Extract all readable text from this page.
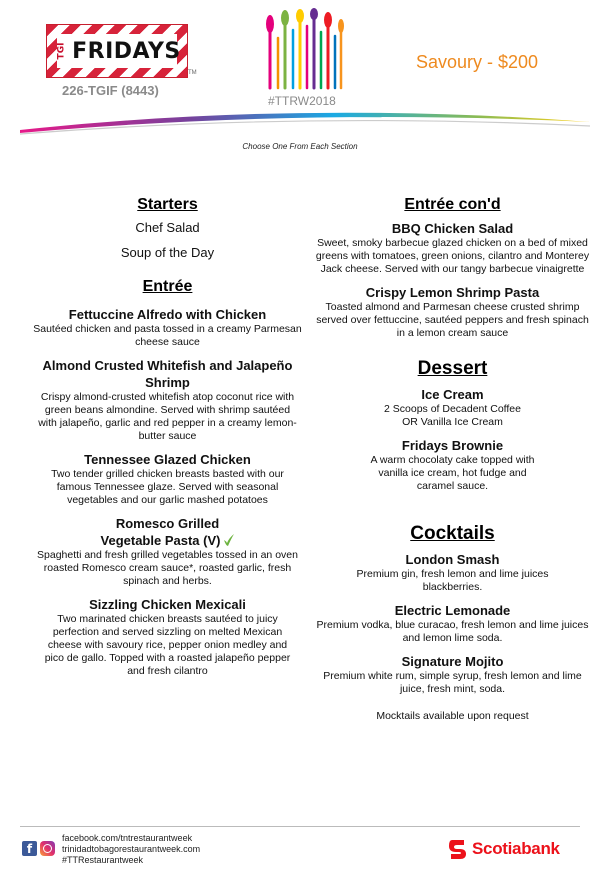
TGI FRIDAYS
TM
226-TGIF (8443)
#TTRW2018
Savoury - $200
Choose One From Each Section
Starters
Chef Salad
Soup of the Day
Entrée
Fettuccine Alfredo with Chicken
Sautéed chicken and pasta tossed in a creamy Parmesan cheese sauce
Almond Crusted Whitefish and Jalapeño Shrimp
Crispy almond-crusted whitefish atop coconut rice with green beans almondine. Served with shrimp sautéed with jalapeño, garlic and red pepper in a creamy lemon-butter sauce
Tennessee Glazed Chicken
Two tender grilled chicken breasts basted with our famous Tennessee glaze. Served with seasonal vegetables and our garlic mashed potatoes
Romesco Grilled
Vegetable Pasta (V)
Spaghetti and fresh grilled vegetables tossed in an oven roasted Romesco cream sauce*, roasted garlic, fresh spinach and herbs.
Sizzling Chicken Mexicali
Two marinated chicken breasts sautéed to juicy perfection and served sizzling on melted Mexican cheese with savoury rice, pepper onion medley and pico de gallo. Topped with a roasted jalapeño pepper and fresh cilantro
Entrée con'd
BBQ Chicken Salad
Sweet, smoky barbecue glazed chicken on a bed of mixed greens with tomatoes, green onions, cilantro and Monterey Jack cheese. Served with our tangy barbecue vinaigrette
Crispy Lemon Shrimp Pasta
Toasted almond and Parmesan cheese crusted shrimp served over fettuccine, sautéed peppers and fresh spinach in a lemon cream sauce
Dessert
Ice Cream
2 Scoops of Decadent Coffee OR Vanilla Ice Cream
Fridays Brownie
A warm chocolaty cake topped with vanilla ice cream, hot fudge and caramel sauce.
Cocktails
London Smash
Premium gin, fresh lemon and lime juices blackberries.
Electric Lemonade
Premium vodka, blue curacao, fresh lemon and lime juices and lemon lime soda.
Signature Mojito
Premium white rum, simple syrup, fresh lemon and lime juice, fresh mint, soda.
Mocktails available upon request
f
facebook.com/tntrestaurantweek
trinidadtobagorestaurantweek.com
#TTRestaurantweek
Scotiabank
